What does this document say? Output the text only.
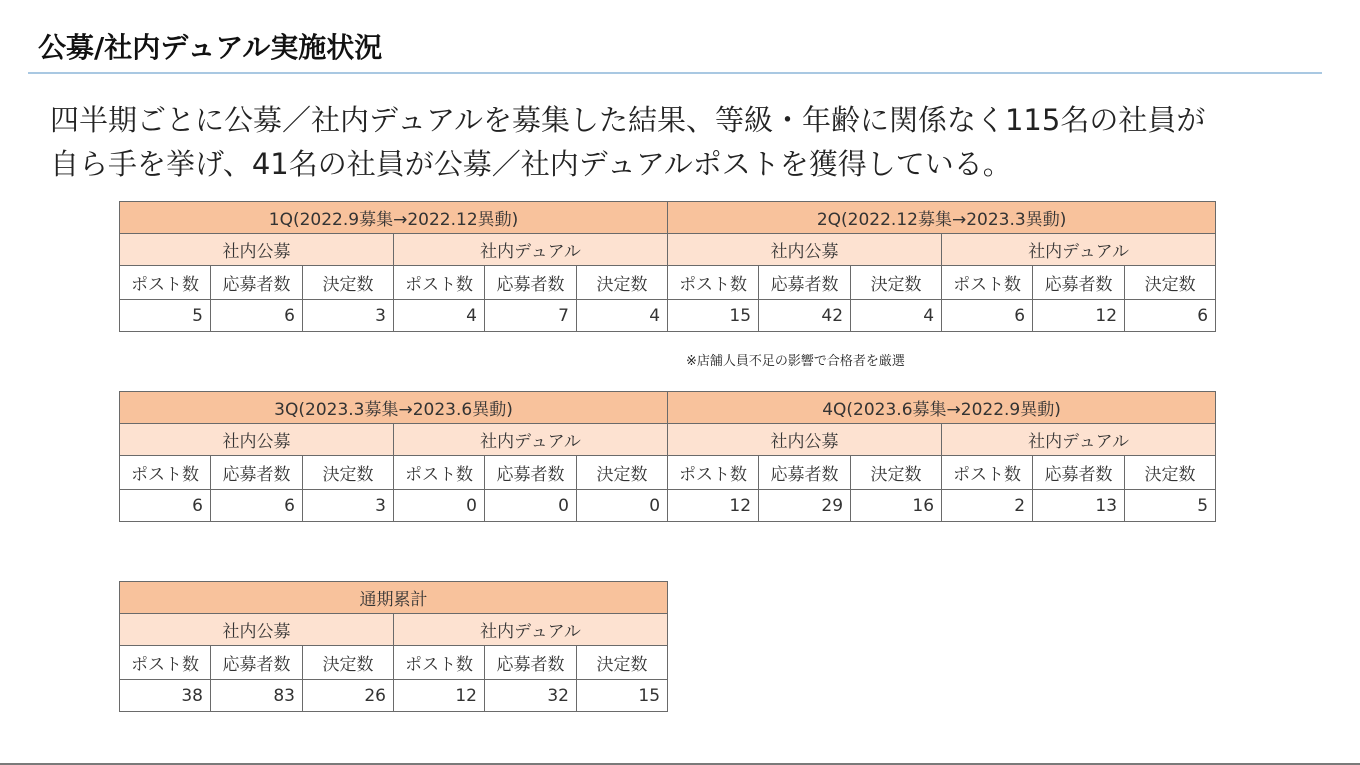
公募/社内デュアル実施状況
四半期ごとに公募／社内デュアルを募集した結果、等級・年齢に関係なく115名の社員が
自ら手を挙げ、41名の社員が公募／社内デュアルポストを獲得している。
1Q(2022.9募集→2022.12異動)						2Q(2022.12募集→2023.3異動)					
社内公募			社内デュアル			社内公募			社内デュアル		
ポスト数	応募者数	決定数	ポスト数	応募者数	決定数	ポスト数	応募者数	決定数	ポスト数	応募者数	決定数
5	6	3	4	7	4	15	42	4	6	12	6
※店舗人員不足の影響で合格者を厳選
3Q(2023.3募集→2023.6異動)						4Q(2023.6募集→2022.9異動)					
社内公募			社内デュアル			社内公募			社内デュアル		
ポスト数	応募者数	決定数	ポスト数	応募者数	決定数	ポスト数	応募者数	決定数	ポスト数	応募者数	決定数
6	6	3	0	0	0	12	29	16	2	13	5
通期累計					
社内公募			社内デュアル		
ポスト数	応募者数	決定数	ポスト数	応募者数	決定数
38	83	26	12	32	15
